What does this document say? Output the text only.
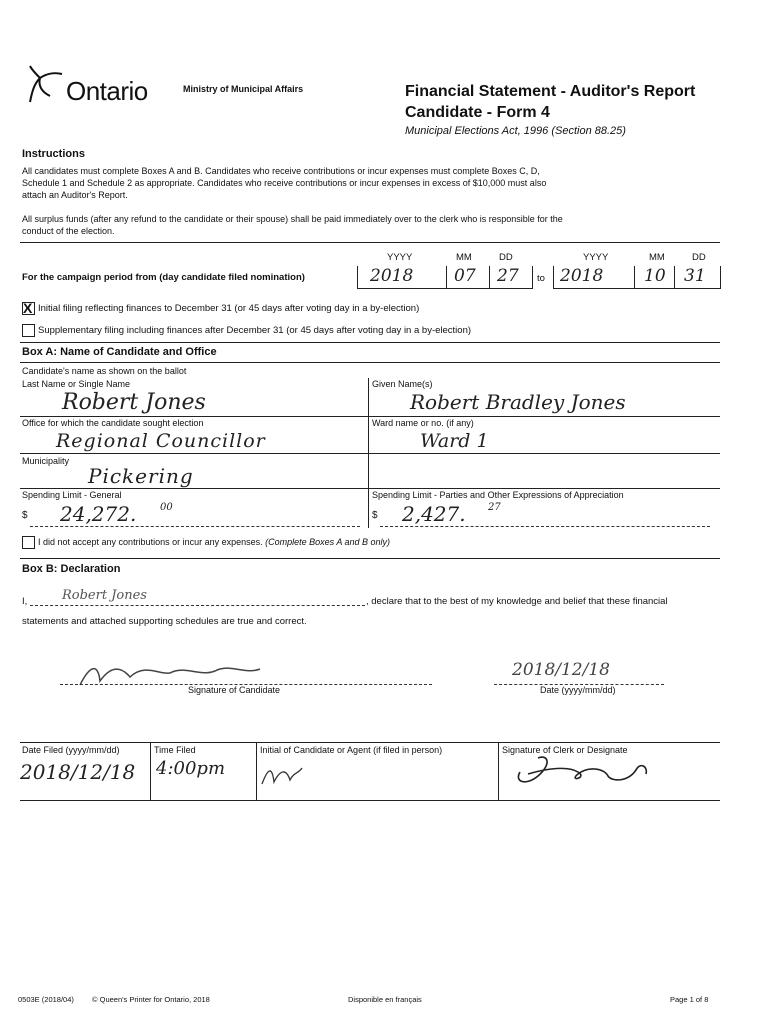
Ontario	Ministry of Municipal Affairs	Financial Statement - Auditor's Report
Candidate - Form 4
Municipal Elections Act, 1996 (Section 88.25)
Instructions
All candidates must complete Boxes A and B. Candidates who receive contributions or incur expenses must complete Boxes C, D,
Schedule 1 and Schedule 2 as appropriate. Candidates who receive contributions or incur expenses in excess of $10,000 must also
attach an Auditor's Report.
All surplus funds (after any refund to the candidate or their spouse) shall be paid immediately over to the clerk who is responsible for the
conduct of the election.
YYYY	MM	DD	YYYY	MM	DD
For the campaign period from (day candidate filed nomination)	2018 07 27 to 2018 10 31
X Initial filing reflecting finances to December 31 (or 45 days after voting day in a by-election)
Supplementary filing including finances after December 31 (or 45 days after voting day in a by-election)
Box A: Name of Candidate and Office
Candidate's name as shown on the ballot
Last Name or Single Name	Given Name(s)
Robert Jones	Robert Bradley Jones
Office for which the candidate sought election	Ward name or no. (if any)
Regional Councillor	Ward 1
Municipality
Pickering
Spending Limit - General	Spending Limit - Parties and Other Expressions of Appreciation
$ 24,272. 00
$ 2,427. 27
I did not accept any contributions or incur any expenses. (Complete Boxes A and B only)
Box B: Declaration
I,	Robert Jones	, declare that to the best of my knowledge and belief that these financial
statements and attached supporting schedules are true and correct.
Signature of Candidate
2018/12/18
Date (yyyy/mm/dd)
Date Filed (yyyy/mm/dd)	Time Filed	Initial of Candidate or Agent (if filed in person)	Signature of Clerk or Designate
2018/12/18 4:00pm
0503E (2018/04) © Queen's Printer for Ontario, 2018	Disponible en français	Page 1 of 8
